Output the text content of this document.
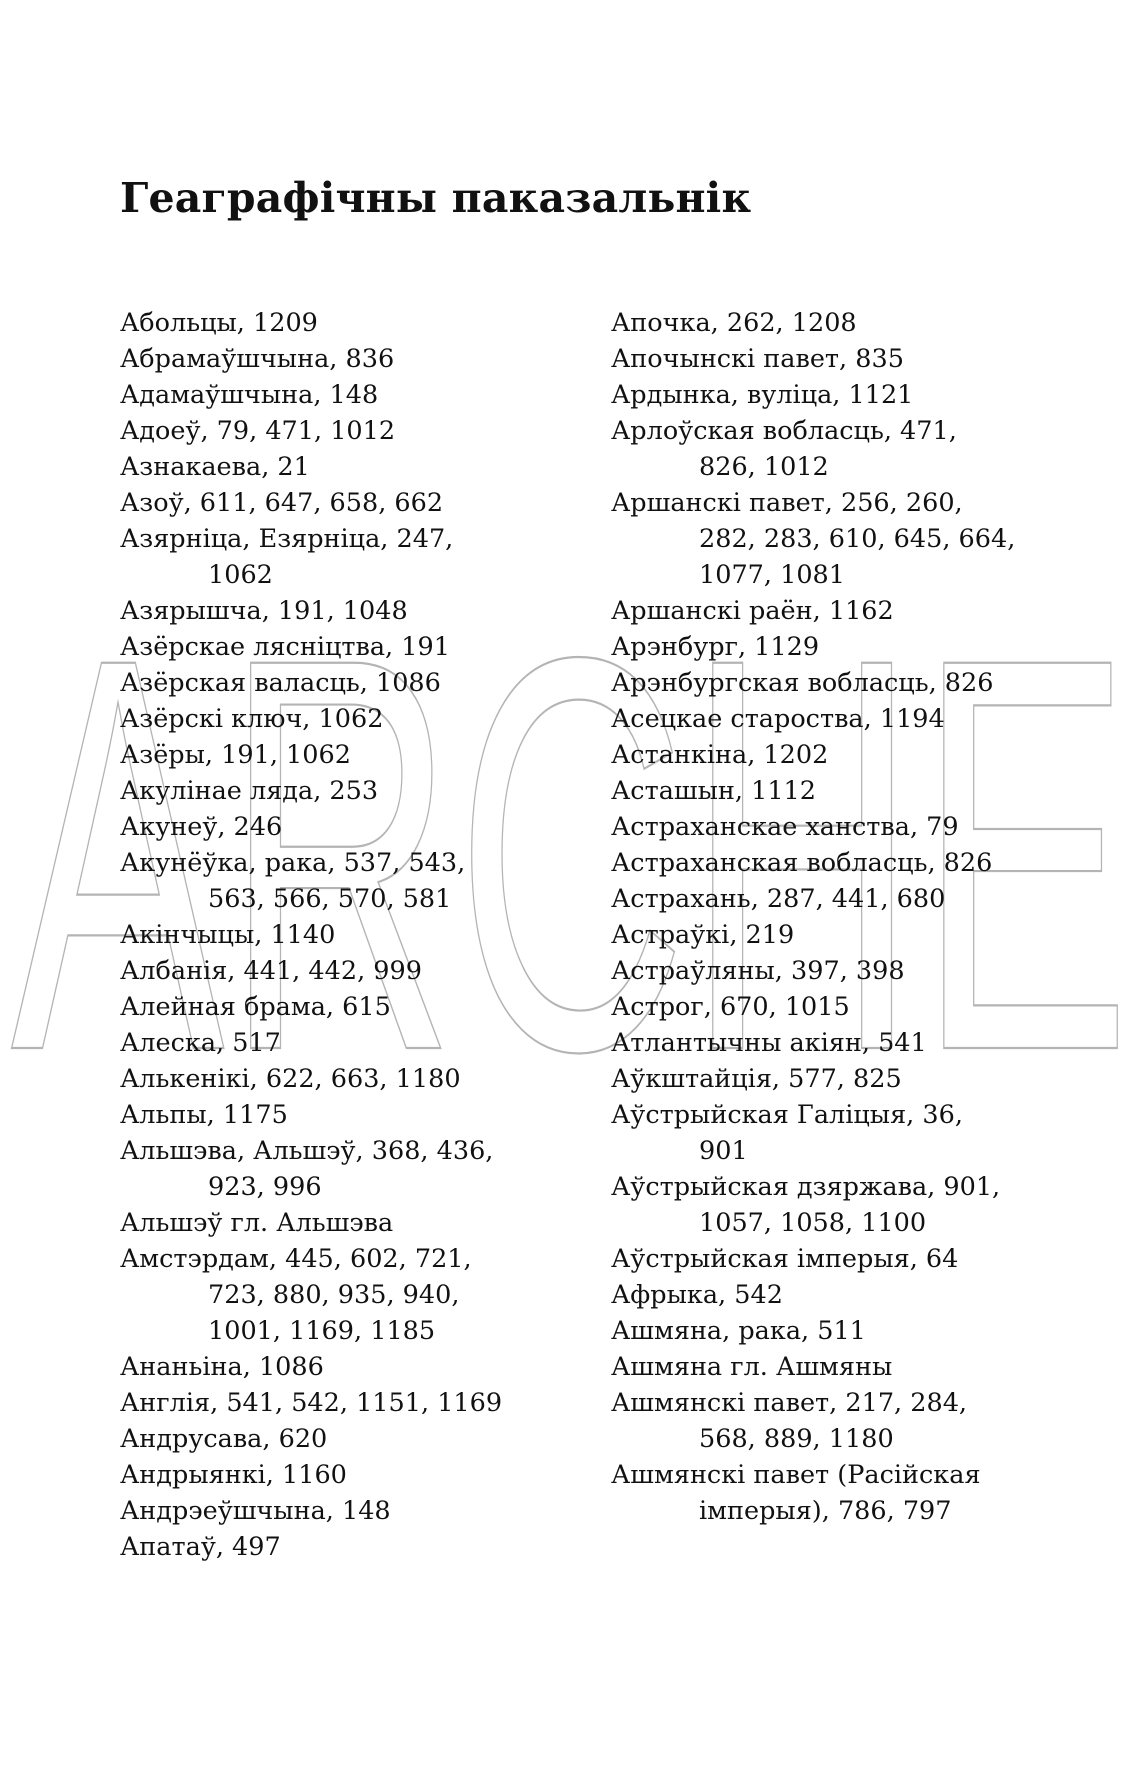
ARCHE
Геаграфічны паказальнік
Абольцы, 1209
Абрамаўшчына, 836
Адамаўшчына, 148
Адоеў, 79, 471, 1012
Азнакаева, 21
Азоў, 611, 647, 658, 662
Азярніца, Езярніца, 247,
1062
Азярышча, 191, 1048
Азёрскае лясніцтва, 191
Азёрская валасць, 1086
Азёрскі ключ, 1062
Азёры, 191, 1062
Акулінае ляда, 253
Акунеў, 246
Акунёўка, рака, 537, 543,
563, 566, 570, 581
Акінчыцы, 1140
Албанія, 441, 442, 999
Алейная брама, 615
Алеска, 517
Алькенікі, 622, 663, 1180
Альпы, 1175
Альшэва, Альшэў, 368, 436,
923, 996
Альшэў гл. Альшэва
Амстэрдам, 445, 602, 721,
723, 880, 935, 940,
1001, 1169, 1185
Ананьіна, 1086
Англія, 541, 542, 1151, 1169
Андрусава, 620
Андрыянкі, 1160
Андрэеўшчына, 148
Апатаў, 497
Апочка, 262, 1208
Апочынскі павет, 835
Ардынка, вуліца, 1121
Арлоўская вобласць, 471,
826, 1012
Аршанскі павет, 256, 260,
282, 283, 610, 645, 664,
1077, 1081
Аршанскі раён, 1162
Арэнбург, 1129
Арэнбургская вобласць, 826
Асецкае староства, 1194
Астанкіна, 1202
Асташын, 1112
Астраханскае ханства, 79
Астраханская вобласць, 826
Астрахань, 287, 441, 680
Астраўкі, 219
Астраўляны, 397, 398
Астрог, 670, 1015
Атлантычны акіян, 541
Аўкштайція, 577, 825
Аўстрыйская Галіцыя, 36,
901
Аўстрыйская дзяржава, 901,
1057, 1058, 1100
Аўстрыйская імперыя, 64
Афрыка, 542
Ашмяна, рака, 511
Ашмяна гл. Ашмяны
Ашмянскі павет, 217, 284,
568, 889, 1180
Ашмянскі павет (Расійская
імперыя), 786, 797
